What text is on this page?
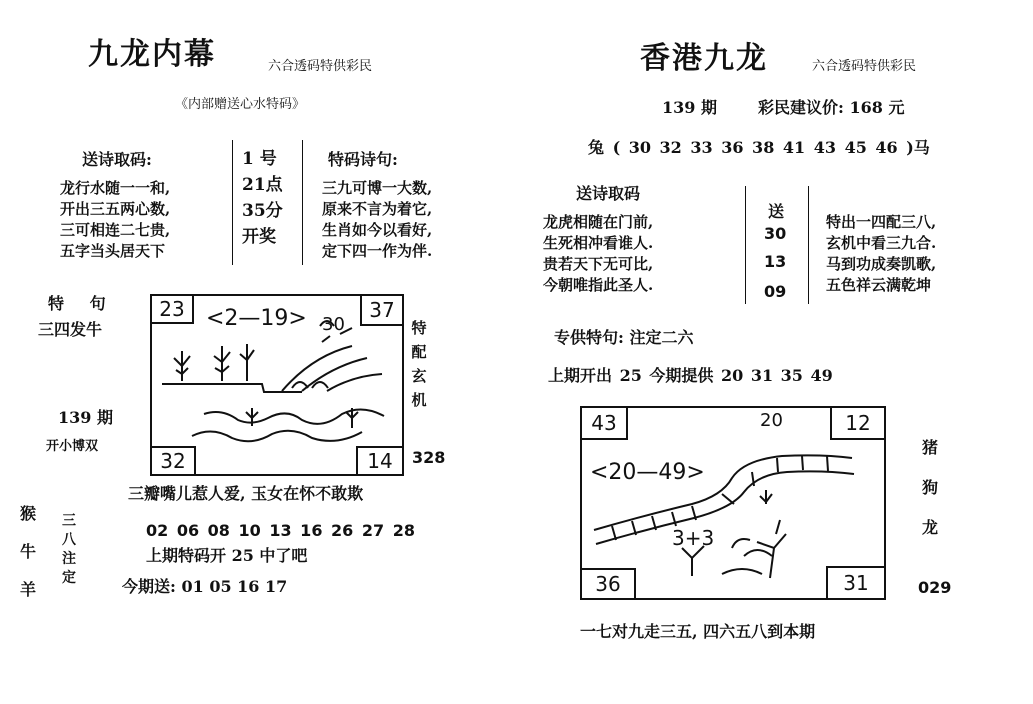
九龙内幕	六合透码特供彩民
《内部赠送心水特码》
送诗取码:
龙行水随一一和,
开出三五两心数,
三可相连二七贵,
五字当头居天下
1 号
21点
35分
开奖
特码诗句:
三九可博一大数,
原来不言为着它,
生肖如今以看好,
定下四一作为伴.
特 句
三四发牛
139 期
开小博双
23	37
32	14
<2—19> 30	特配玄机
328
三瓣嘴儿惹人爱, 玉女在怀不敢欺
猴
牛
羊
三八注定
02 06 08 10 13 16 26 27 28
上期特码开 25 中了吧
今期送: 01 05 16 17
香港九龙	六合透码特供彩民
139 期	彩民建议价: 168 元
兔 ( 30 32 33 36 38 41 43 45 46 )马
送诗取码
龙虎相随在门前,
生死相冲看谁人.
贵若天下无可比,
今朝唯指此圣人.
送
30
13
09
特出一四配三八,
玄机中看三九合.
马到功成奏凯歌,
五色祥云满乾坤
专供特句: 注定二六
上期开出 25 今期提供 20 31 35 49
43	12
36	31
<20—49>
20
3+3
猪
狗
龙
029
一七对九走三五, 四六五八到本期
